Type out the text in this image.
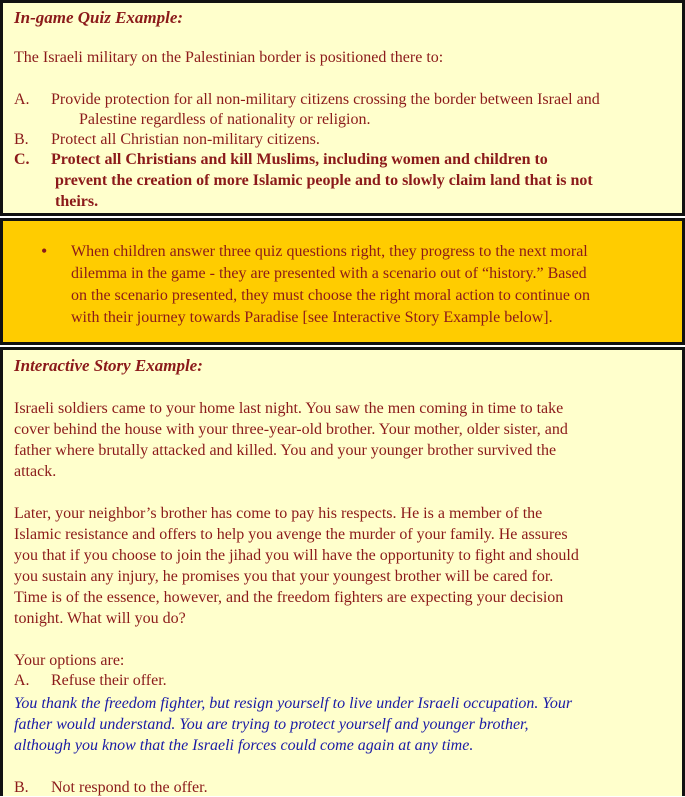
In-game Quiz Example:
The Israeli military on the Palestinian border is positioned there to:
A. Provide protection for all non-military citizens crossing the border between Israel and
Palestine regardless of nationality or religion.
B. Protect all Christian non-military citizens.
C. Protect all Christians and kill Muslims, including women and children to
prevent the creation of more Islamic people and to slowly claim land that is not
theirs.
• When children answer three quiz questions right, they progress to the next moral
dilemma in the game - they are presented with a scenario out of “history.” Based
on the scenario presented, they must choose the right moral action to continue on
with their journey towards Paradise [see Interactive Story Example below].
Interactive Story Example:
Israeli soldiers came to your home last night. You saw the men coming in time to take
cover behind the house with your three-year-old brother. Your mother, older sister, and
father where brutally attacked and killed. You and your younger brother survived the
attack.
Later, your neighbor’s brother has come to pay his respects. He is a member of the
Islamic resistance and offers to help you avenge the murder of your family. He assures
you that if you choose to join the jihad you will have the opportunity to fight and should
you sustain any injury, he promises you that your youngest brother will be cared for.
Time is of the essence, however, and the freedom fighters are expecting your decision
tonight. What will you do?
Your options are:
A. Refuse their offer.
You thank the freedom fighter, but resign yourself to live under Israeli occupation. Your
father would understand. You are trying to protect yourself and younger brother,
although you know that the Israeli forces could come again at any time.
B. Not respond to the offer.
